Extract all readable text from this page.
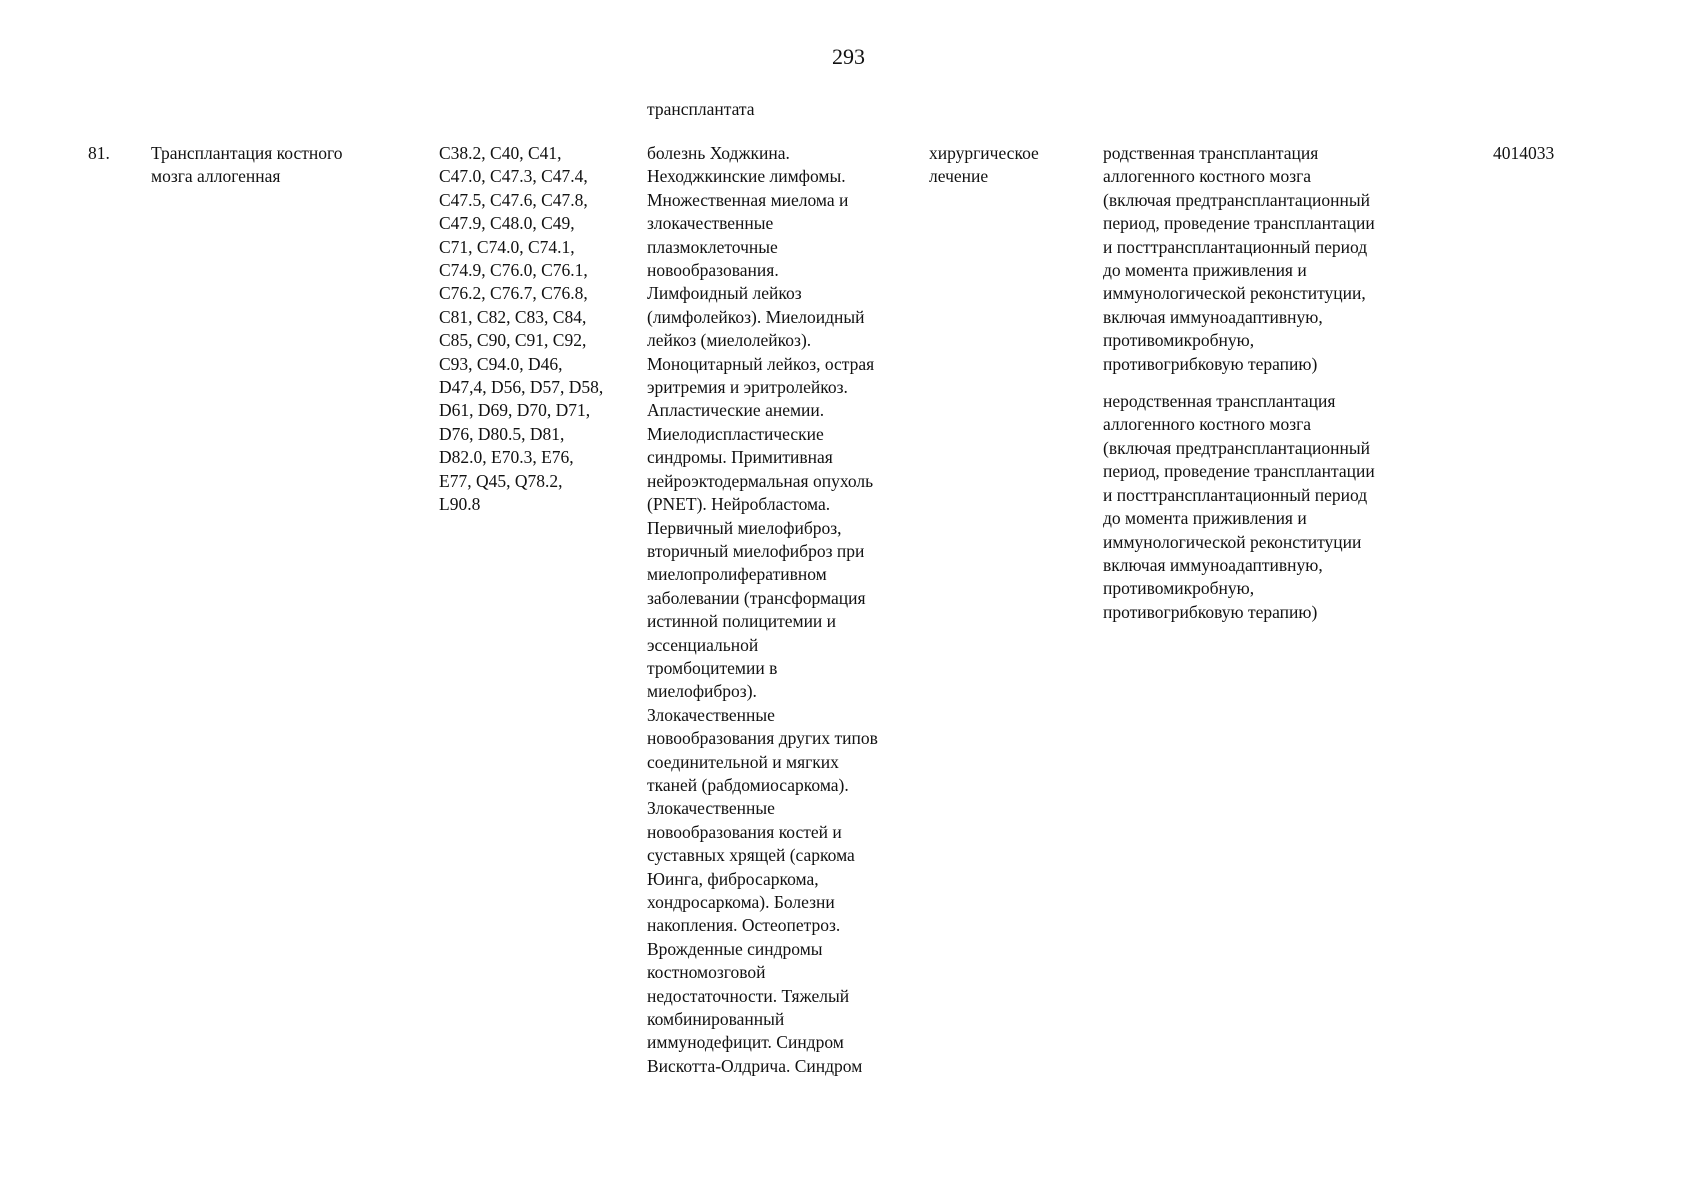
293
трансплантата
81. Трансплантация костного
мозга аллогенная
C38.2, C40, C41,
C47.0, C47.3, C47.4,
C47.5, C47.6, C47.8,
C47.9, C48.0, C49,
C71, C74.0, C74.1,
C74.9, C76.0, C76.1,
C76.2, C76.7, C76.8,
C81, C82, C83, C84,
C85, C90, C91, C92,
C93, C94.0, D46,
D47,4, D56, D57, D58,
D61, D69, D70, D71,
D76, D80.5, D81,
D82.0, E70.3, E76,
E77, Q45, Q78.2,
L90.8
болезнь Ходжкина.
Неходжкинские лимфомы.
Множественная миелома и
злокачественные
плазмоклеточные
новообразования.
Лимфоидный лейкоз
(лимфолейкоз). Миелоидный
лейкоз (миелолейкоз).
Моноцитарный лейкоз, острая
эритремия и эритролейкоз.
Апластические анемии.
Миелодиспластические
синдромы. Примитивная
нейроэктодермальная опухоль
(PNET). Нейробластома.
Первичный миелофиброз,
вторичный миелофиброз при
миелопролиферативном
заболевании (трансформация
истинной полицитемии и
эссенциальной
тромбоцитемии в
миелофиброз).
Злокачественные
новообразования других типов
соединительной и мягких
тканей (рабдомиосаркома).
Злокачественные
новообразования костей и
суставных хрящей (саркома
Юинга, фибросаркома,
хондросаркома). Болезни
накопления. Остеопетроз.
Врожденные синдромы
костномозговой
недостаточности. Тяжелый
комбинированный
иммунодефицит. Синдром
Вискотта-Олдрича. Синдром
хирургическое
лечение
родственная трансплантация
аллогенного костного мозга
(включая предтрансплантационный
период, проведение трансплантации
и посттрансплантационный период
до момента приживления и
иммунологической реконституции,
включая иммуноадаптивную,
противомикробную,
противогрибковую терапию)
неродственная трансплантация
аллогенного костного мозга
(включая предтрансплантационный
период, проведение трансплантации
и посттрансплантационный период
до момента приживления и
иммунологической реконституции
включая иммуноадаптивную,
противомикробную,
противогрибковую терапию)
4014033
